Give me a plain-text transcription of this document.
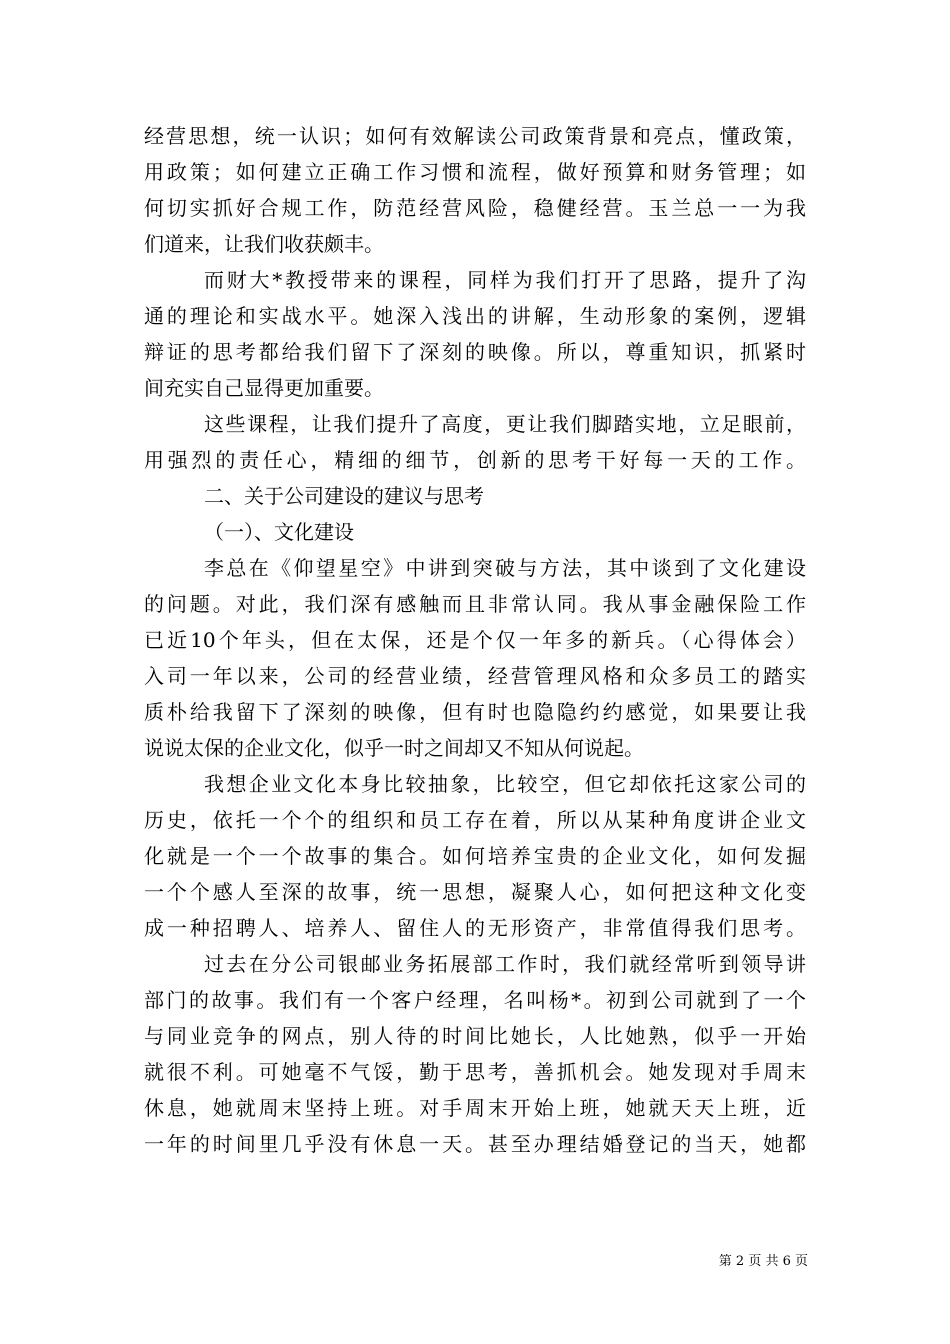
经营思想，统一认识；如何有效解读公司政策背景和亮点，懂政策，
用政策；如何建立正确工作习惯和流程，做好预算和财务管理；如
何切实抓好合规工作，防范经营风险，稳健经营。玉兰总一一为我
们道来，让我们收获颇丰。
而财大*教授带来的课程，同样为我们打开了思路，提升了沟
通的理论和实战水平。她深入浅出的讲解，生动形象的案例，逻辑
辩证的思考都给我们留下了深刻的映像。所以，尊重知识，抓紧时
间充实自己显得更加重要。
这些课程，让我们提升了高度，更让我们脚踏实地，立足眼前，
用强烈的责任心，精细的细节，创新的思考干好每一天的工作。
二、关于公司建设的建议与思考
（一）、文化建设
李总在《仰望星空》中讲到突破与方法，其中谈到了文化建设
的问题。对此，我们深有感触而且非常认同。我从事金融保险工作
已近10个年头，但在太保，还是个仅一年多的新兵。（心得体会）
入司一年以来，公司的经营业绩，经营管理风格和众多员工的踏实
质朴给我留下了深刻的映像，但有时也隐隐约约感觉，如果要让我
说说太保的企业文化，似乎一时之间却又不知从何说起。
我想企业文化本身比较抽象，比较空，但它却依托这家公司的
历史，依托一个个的组织和员工存在着，所以从某种角度讲企业文
化就是一个一个故事的集合。如何培养宝贵的企业文化，如何发掘
一个个感人至深的故事，统一思想，凝聚人心，如何把这种文化变
成一种招聘人、培养人、留住人的无形资产，非常值得我们思考。
过去在分公司银邮业务拓展部工作时，我们就经常听到领导讲
部门的故事。我们有一个客户经理，名叫杨*。初到公司就到了一个
与同业竞争的网点，别人待的时间比她长，人比她熟，似乎一开始
就很不利。可她毫不气馁，勤于思考，善抓机会。她发现对手周末
休息，她就周末坚持上班。对手周末开始上班，她就天天上班，近
一年的时间里几乎没有休息一天。甚至办理结婚登记的当天，她都
第 2 页 共 6 页
